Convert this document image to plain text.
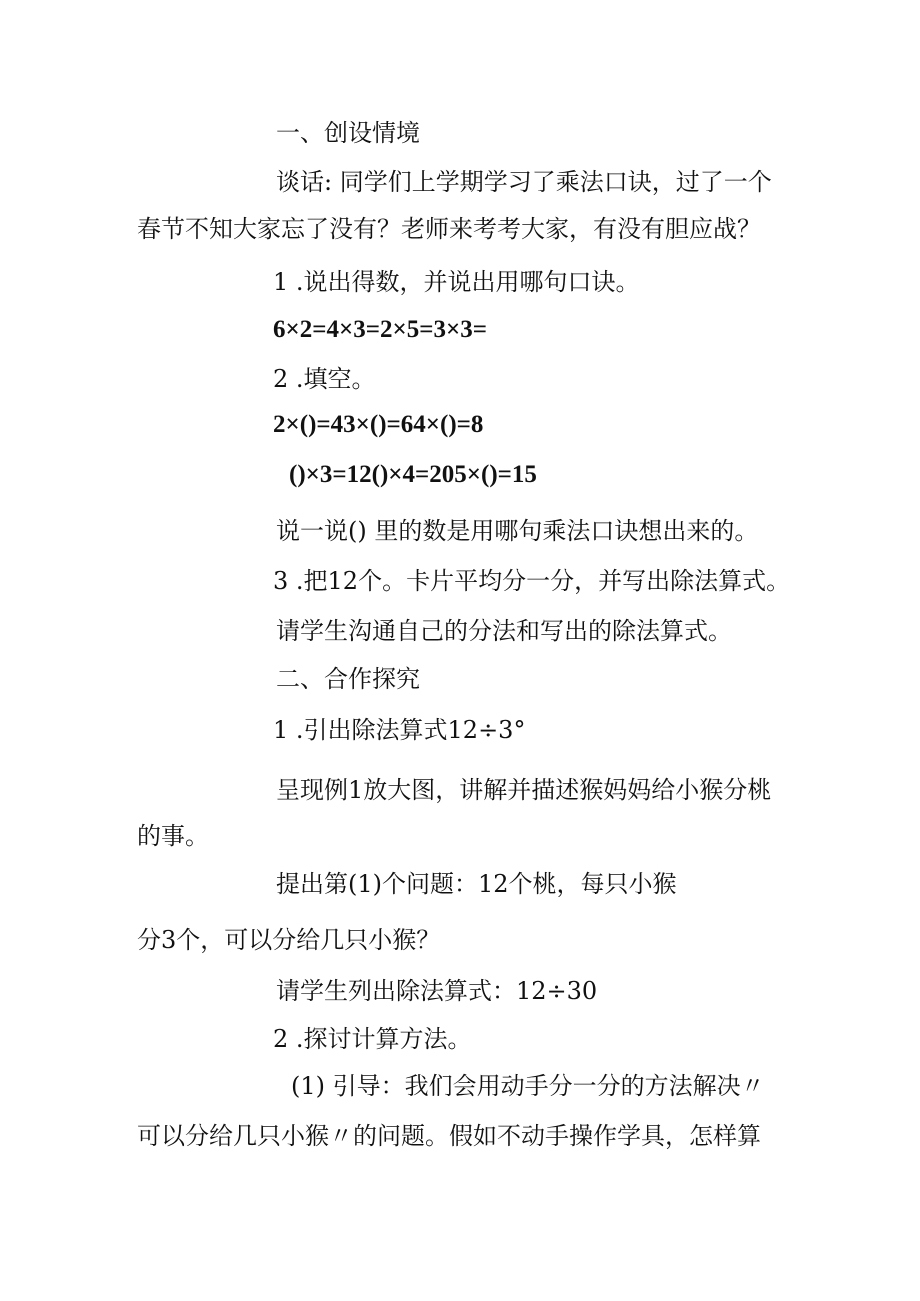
一、创设情境
谈话: 同学们上学期学习了乘法口诀，过了一个
春节不知大家忘了没有？老师来考考大家，有没有胆应战？
1 .说出得数，并说出用哪句口诀。
6×2=4×3=2×5=3×3=
2 .填空。
2×()=43×()=64×()=8
()×3=12()×4=205×()=15
说一说() 里的数是用哪句乘法口诀想出来的。
3 .把12个。卡片平均分一分，并写出除法算式。
请学生沟通自己的分法和写出的除法算式。
二、合作探究
1 .引出除法算式12÷3°
呈现例1放大图，讲解并描述猴妈妈给小猴分桃
的事。
提出第(1)个问题：12个桃，每只小猴
分3个，可以分给几只小猴？
请学生列出除法算式：12÷30
2 .探讨计算方法。
(1) 引导：我们会用动手分一分的方法解决〃
可以分给几只小猴〃的问题。假如不动手操作学具，怎样算
